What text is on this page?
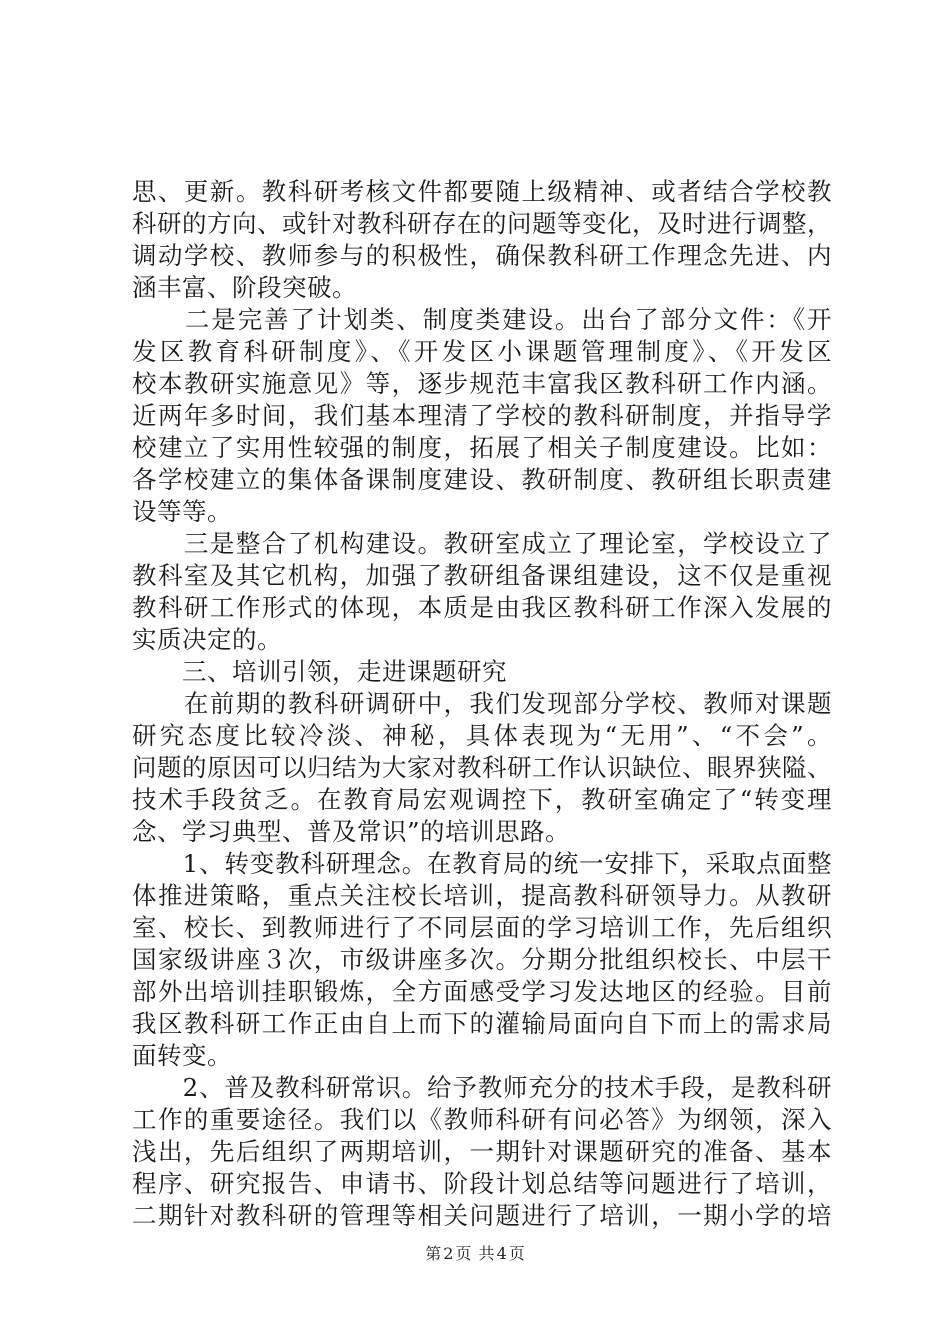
思、更新。教科研考核文件都要随上级精神、或者结合学校教
科研的方向、或针对教科研存在的问题等变化，及时进行调整，
调动学校、教师参与的积极性，确保教科研工作理念先进、内
涵丰富、阶段突破。
　　二是完善了计划类、制度类建设。出台了部分文件：《开
发区教育科研制度》、《开发区小课题管理制度》、《开发区
校本教研实施意见》等，逐步规范丰富我区教科研工作内涵。
近两年多时间，我们基本理清了学校的教科研制度，并指导学
校建立了实用性较强的制度，拓展了相关子制度建设。比如：
各学校建立的集体备课制度建设、教研制度、教研组长职责建
设等等。
　　三是整合了机构建设。教研室成立了理论室，学校设立了
教科室及其它机构，加强了教研组备课组建设，这不仅是重视
教科研工作形式的体现，本质是由我区教科研工作深入发展的
实质决定的。
　　三、培训引领，走进课题研究
　　在前期的教科研调研中，我们发现部分学校、教师对课题
研究态度比较冷淡、神秘，具体表现为“无用”、“不会”。
问题的原因可以归结为大家对教科研工作认识缺位、眼界狭隘、
技术手段贫乏。在教育局宏观调控下，教研室确定了“转变理
念、学习典型、普及常识”的培训思路。
　　1、转变教科研理念。在教育局的统一安排下，采取点面整
体推进策略，重点关注校长培训，提高教科研领导力。从教研
室、校长、到教师进行了不同层面的学习培训工作，先后组织
国家级讲座３次，市级讲座多次。分期分批组织校长、中层干
部外出培训挂职锻炼，全方面感受学习发达地区的经验。目前
我区教科研工作正由自上而下的灌输局面向自下而上的需求局
面转变。
　　2、普及教科研常识。给予教师充分的技术手段，是教科研
工作的重要途径。我们以《教师科研有问必答》为纲领，深入
浅出，先后组织了两期培训，一期针对课题研究的准备、基本
程序、研究报告、申请书、阶段计划总结等问题进行了培训，
二期针对教科研的管理等相关问题进行了培训，一期小学的培
第 2 页 共 4 页
